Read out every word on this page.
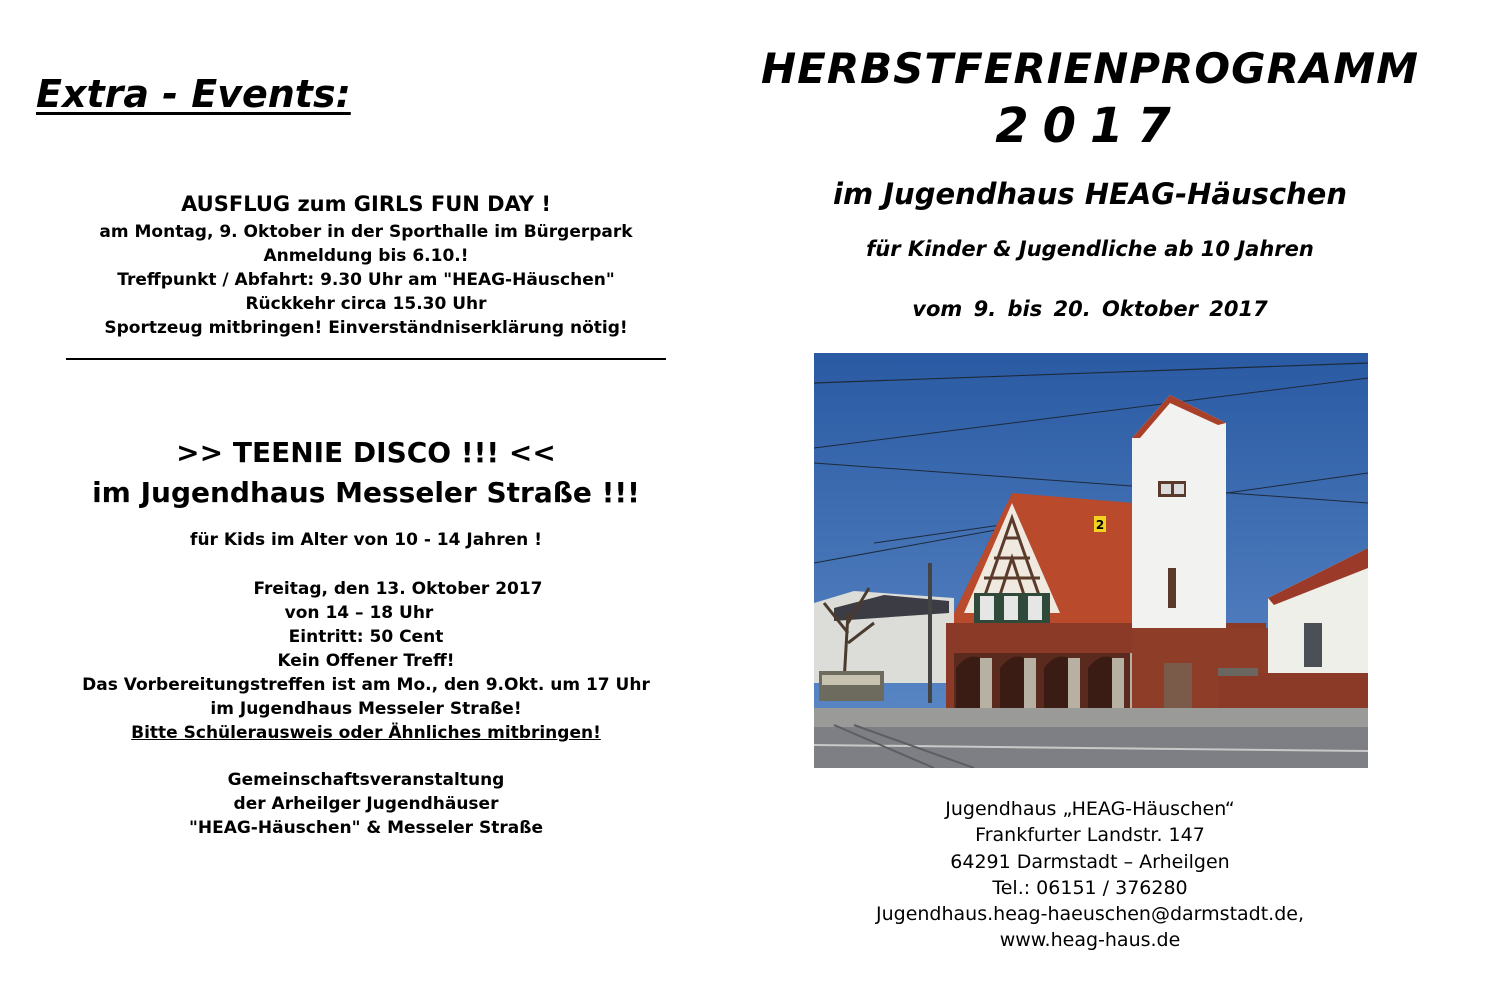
Extra - Events:
AUSFLUG zum GIRLS FUN DAY !
am Montag, 9. Oktober in der Sporthalle im Bürgerpark
Anmeldung bis 6.10.!
Treffpunkt / Abfahrt: 9.30 Uhr am "HEAG-Häuschen"
Rückkehr circa 15.30 Uhr
Sportzeug mitbringen! Einverständniserklärung nötig!
>> TEENIE DISCO !!! <<
im Jugendhaus Messeler Straße !!!
für Kids im Alter von 10 - 14 Jahren !
Freitag, den 13. Oktober 2017
von 14 – 18 Uhr
Eintritt: 50 Cent
Kein Offener Treff!
Das Vorbereitungstreffen ist am Mo., den 9.Okt. um 17 Uhr
im Jugendhaus Messeler Straße!
Bitte Schülerausweis oder Ähnliches mitbringen!
Gemeinschaftsveranstaltung
der Arheilger Jugendhäuser
"HEAG-Häuschen" & Messeler Straße
HERBSTFERIENPROGRAMM
2017
im Jugendhaus HEAG-Häuschen
für Kinder & Jugendliche ab 10 Jahren
vom 9. bis 20. Oktober 2017
2
Jugendhaus „HEAG-Häuschen“
Frankfurter Landstr. 147
64291 Darmstadt – Arheilgen
Tel.: 06151 / 376280
Jugendhaus.heag-haeuschen@darmstadt.de,
www.heag-haus.de
